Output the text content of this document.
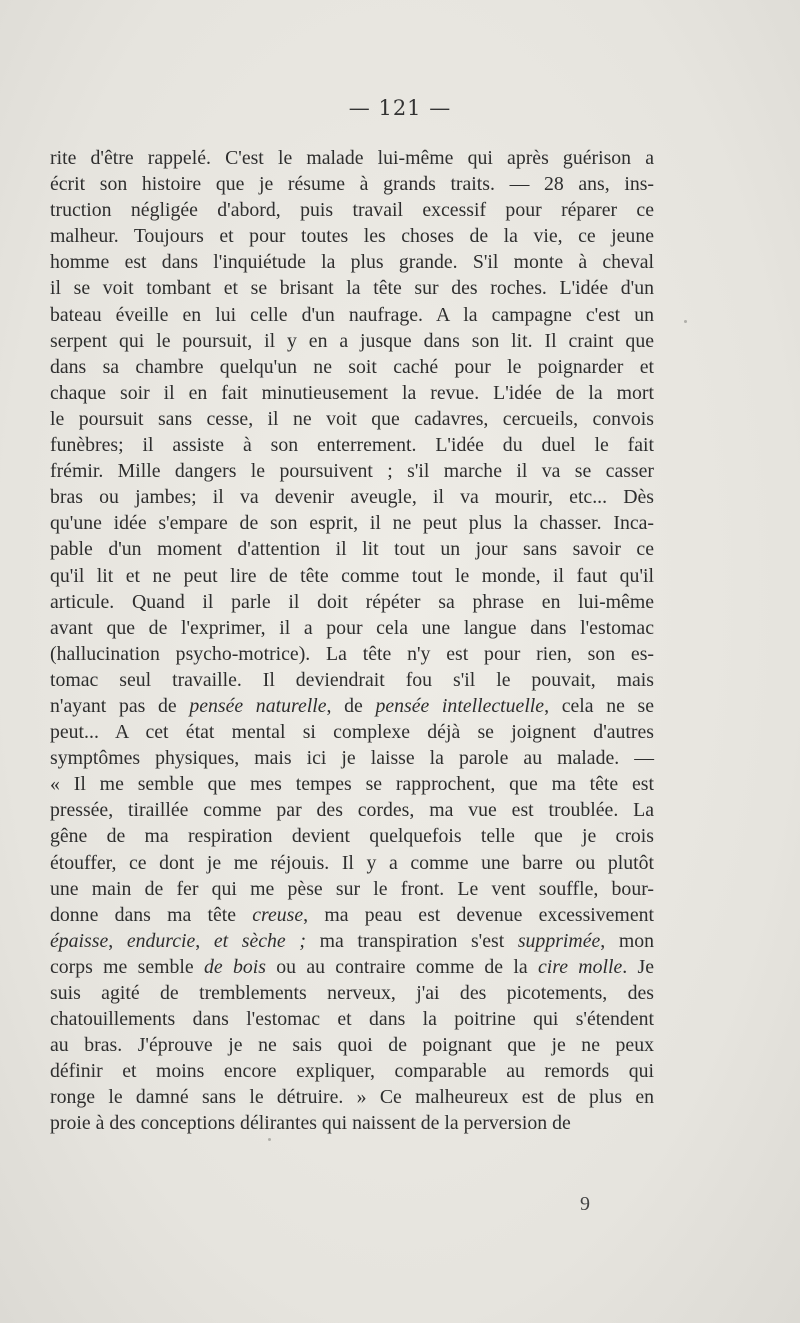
— 121 —
rite d'être rappelé. C'est le malade lui-même qui après guérison a
écrit son histoire que je résume à grands traits. — 28 ans, ins-
truction négligée d'abord, puis travail excessif pour réparer ce
malheur. Toujours et pour toutes les choses de la vie, ce jeune
homme est dans l'inquiétude la plus grande. S'il monte à cheval
il se voit tombant et se brisant la tête sur des roches. L'idée d'un
bateau éveille en lui celle d'un naufrage. A la campagne c'est un
serpent qui le poursuit, il y en a jusque dans son lit. Il craint que
dans sa chambre quelqu'un ne soit caché pour le poignarder et
chaque soir il en fait minutieusement la revue. L'idée de la mort
le poursuit sans cesse, il ne voit que cadavres, cercueils, convois
funèbres; il assiste à son enterrement. L'idée du duel le fait
frémir. Mille dangers le poursuivent ; s'il marche il va se casser
bras ou jambes; il va devenir aveugle, il va mourir, etc... Dès
qu'une idée s'empare de son esprit, il ne peut plus la chasser. Inca-
pable d'un moment d'attention il lit tout un jour sans savoir ce
qu'il lit et ne peut lire de tête comme tout le monde, il faut qu'il
articule. Quand il parle il doit répéter sa phrase en lui-même
avant que de l'exprimer, il a pour cela une langue dans l'estomac
(hallucination psycho-motrice). La tête n'y est pour rien, son es-
tomac seul travaille. Il deviendrait fou s'il le pouvait, mais
n'ayant pas de pensée naturelle, de pensée intellectuelle, cela ne se
peut... A cet état mental si complexe déjà se joignent d'autres
symptômes physiques, mais ici je laisse la parole au malade. —
« Il me semble que mes tempes se rapprochent, que ma tête est
pressée, tiraillée comme par des cordes, ma vue est troublée. La
gêne de ma respiration devient quelquefois telle que je crois
étouffer, ce dont je me réjouis. Il y a comme une barre ou plutôt
une main de fer qui me pèse sur le front. Le vent souffle, bour-
donne dans ma tête creuse, ma peau est devenue excessivement
épaisse, endurcie, et sèche ; ma transpiration s'est supprimée, mon
corps me semble de bois ou au contraire comme de la cire molle. Je
suis agité de tremblements nerveux, j'ai des picotements, des
chatouillements dans l'estomac et dans la poitrine qui s'étendent
au bras. J'éprouve je ne sais quoi de poignant que je ne peux
définir et moins encore expliquer, comparable au remords qui
ronge le damné sans le détruire. » Ce malheureux est de plus en
proie à des conceptions délirantes qui naissent de la perversion de
9
